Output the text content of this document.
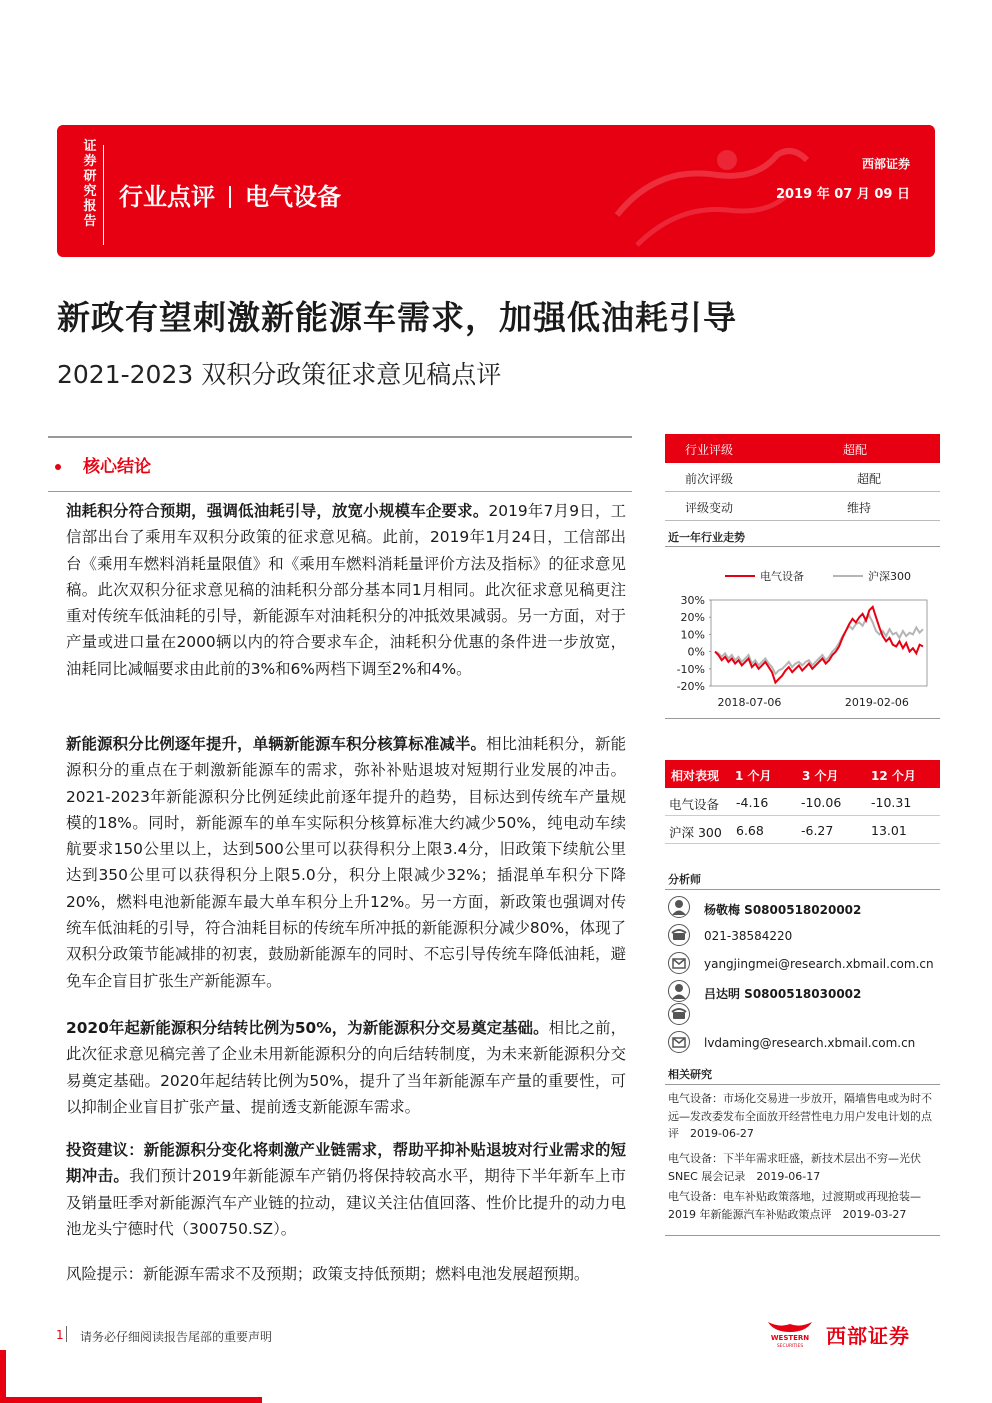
证
券
研
究
报
告
行业点评 电气设备
西部证券
2019 年 07 月 09 日
新政有望刺激新能源车需求，加强低油耗引导
2021-2023 双积分政策征求意见稿点评
核心结论
油耗积分符合预期，强调低油耗引导，放宽小规模车企要求。2019年7月9日，工信部出台了乘用车双积分政策的征求意见稿。此前，2019年1月24日，工信部出台《乘用车燃料消耗量限值》和《乘用车燃料消耗量评价方法及指标》的征求意见稿。此次双积分征求意见稿的油耗积分部分基本同1月相同。此次征求意见稿更注重对传统车低油耗的引导，新能源车对油耗积分的冲抵效果减弱。另一方面，对于产量或进口量在2000辆以内的符合要求车企，油耗积分优惠的条件进一步放宽，油耗同比减幅要求由此前的3%和6%两档下调至2%和4%。
新能源积分比例逐年提升，单辆新能源车积分核算标准减半。相比油耗积分，新能源积分的重点在于刺激新能源车的需求，弥补补贴退坡对短期行业发展的冲击。2021-2023年新能源积分比例延续此前逐年提升的趋势，目标达到传统车产量规模的18%。同时，新能源车的单车实际积分核算标准大约减少50%，纯电动车续航要求150公里以上，达到500公里可以获得积分上限3.4分，旧政策下续航公里达到350公里可以获得积分上限5.0分，积分上限减少32%；插混单车积分下降20%，燃料电池新能源车最大单车积分上升12%。另一方面，新政策也强调对传统车低油耗的引导，符合油耗目标的传统车所冲抵的新能源积分减少80%，体现了双积分政策节能减排的初衷，鼓励新能源车的同时、不忘引导传统车降低油耗，避免车企盲目扩张生产新能源车。
2020年起新能源积分结转比例为50%，为新能源积分交易奠定基础。相比之前，此次征求意见稿完善了企业未用新能源积分的向后结转制度，为未来新能源积分交易奠定基础。2020年起结转比例为50%，提升了当年新能源车产量的重要性，可以抑制企业盲目扩张产量、提前透支新能源车需求。
投资建议：新能源积分变化将刺激产业链需求，帮助平抑补贴退坡对行业需求的短期冲击。我们预计2019年新能源车产销仍将保持较高水平，期待下半年新车上市及销量旺季对新能源汽车产业链的拉动，建议关注估值回落、性价比提升的动力电池龙头宁德时代（300750.SZ）。
风险提示：新能源车需求不及预期；政策支持低预期；燃料电池发展超预期。
行业评级	超配
前次评级	超配
评级变动	维持
近一年行业走势
30%
20%
10%
0%
-10%
-20%
2018-07-06	2019-02-06
电气设备	沪深300
相对表现 1 个月	3 个月	12 个月
电气设备 -4.16	-10.06 -10.31
沪深 300 6.68	-6.27	13.01
分析师
杨敬梅 S0800518020002
021-38584220
yangjingmei@research.xbmail.com.cn
吕达明 S0800518030002
lvdaming@research.xbmail.com.cn
相关研究
电气设备：市场化交易进一步放开，隔墙售电或为时不远—发改委发布全面放开经营性电力用户发电计划的点评　2019-06-27
电气设备：下半年需求旺盛，新技术层出不穷—光伏 SNEC 展会记录　2019-06-17
电气设备：电车补贴政策落地，过渡期或再现抢装—2019 年新能源汽车补贴政策点评　2019-03-27
1 请务必仔细阅读报告尾部的重要声明	WESTERN
SECURITIES 西部证券
